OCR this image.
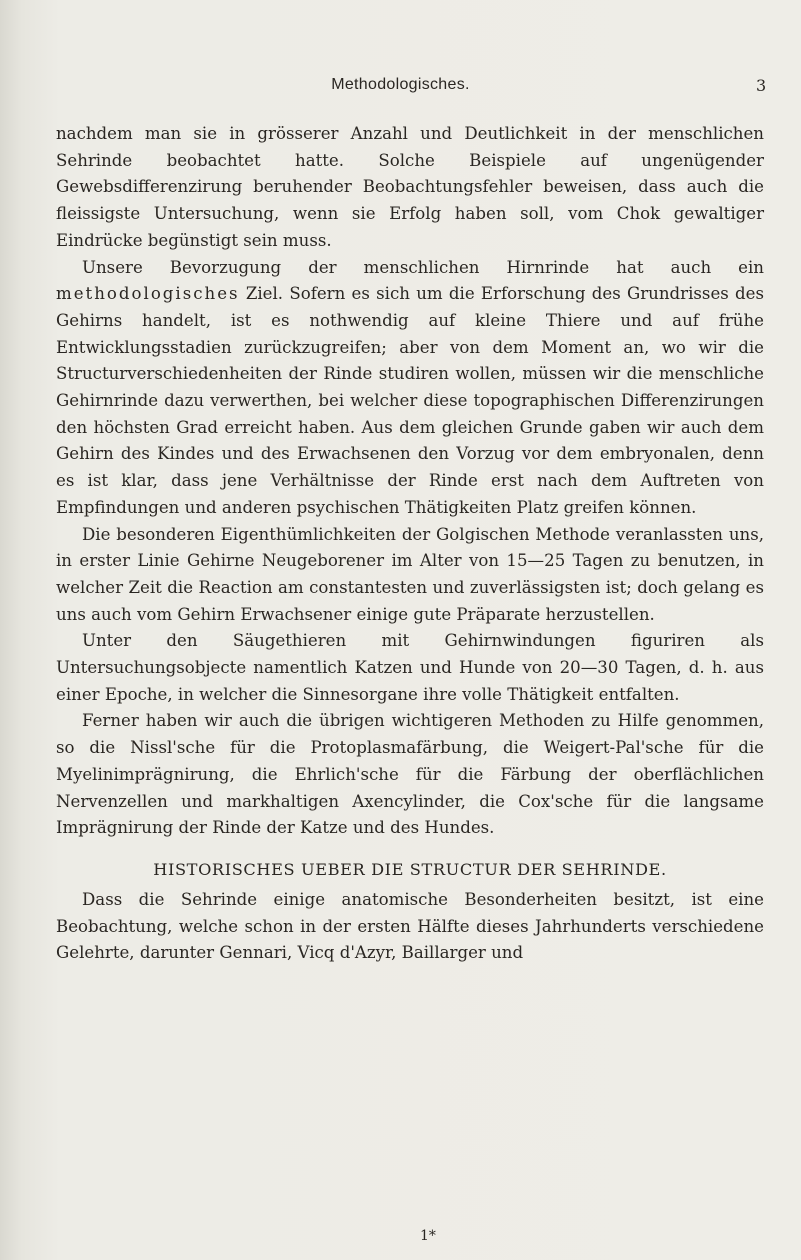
Methodologisches.	3

nachdem man sie in grösserer Anzahl und Deutlichkeit in der menschlichen Sehrinde beobachtet hatte. Solche Beispiele auf ungenügender Gewebsdifferenzirung beruhender Beobachtungsfehler beweisen, dass auch die fleissigste Untersuchung, wenn sie Erfolg haben soll, vom Chok gewaltiger Eindrücke begünstigt sein muss.

Unsere Bevorzugung der menschlichen Hirnrinde hat auch ein methodologisches Ziel. Sofern es sich um die Erforschung des Grundrisses des Gehirns handelt, ist es nothwendig auf kleine Thiere und auf frühe Entwicklungsstadien zurückzugreifen; aber von dem Moment an, wo wir die Structurverschiedenheiten der Rinde studiren wollen, müssen wir die menschliche Gehirnrinde dazu verwerthen, bei welcher diese topographischen Differenzirungen den höchsten Grad erreicht haben. Aus dem gleichen Grunde gaben wir auch dem Gehirn des Kindes und des Erwachsenen den Vorzug vor dem embryonalen, denn es ist klar, dass jene Verhältnisse der Rinde erst nach dem Auftreten von Empfindungen und anderen psychischen Thätigkeiten Platz greifen können.

Die besonderen Eigenthümlichkeiten der Golgischen Methode veranlassten uns, in erster Linie Gehirne Neugeborener im Alter von 15—25 Tagen zu benutzen, in welcher Zeit die Reaction am constantesten und zuverlässigsten ist; doch gelang es uns auch vom Gehirn Erwachsener einige gute Präparate herzustellen.

Unter den Säugethieren mit Gehirnwindungen figuriren als Untersuchungsobjecte namentlich Katzen und Hunde von 20—30 Tagen, d. h. aus einer Epoche, in welcher die Sinnesorgane ihre volle Thätigkeit entfalten.

Ferner haben wir auch die übrigen wichtigeren Methoden zu Hilfe genommen, so die Nissl'sche für die Protoplasmafärbung, die Weigert-Pal'sche für die Myelinimprägnirung, die Ehrlich'sche für die Färbung der oberflächlichen Nervenzellen und markhaltigen Axencylinder, die Cox'sche für die langsame Imprägnirung der Rinde der Katze und des Hundes.

HISTORISCHES UEBER DIE STRUCTUR DER SEHRINDE.

Dass die Sehrinde einige anatomische Besonderheiten besitzt, ist eine Beobachtung, welche schon in der ersten Hälfte dieses Jahrhunderts verschiedene Gelehrte, darunter Gennari, Vicq d'Azyr, Baillarger und

1*
